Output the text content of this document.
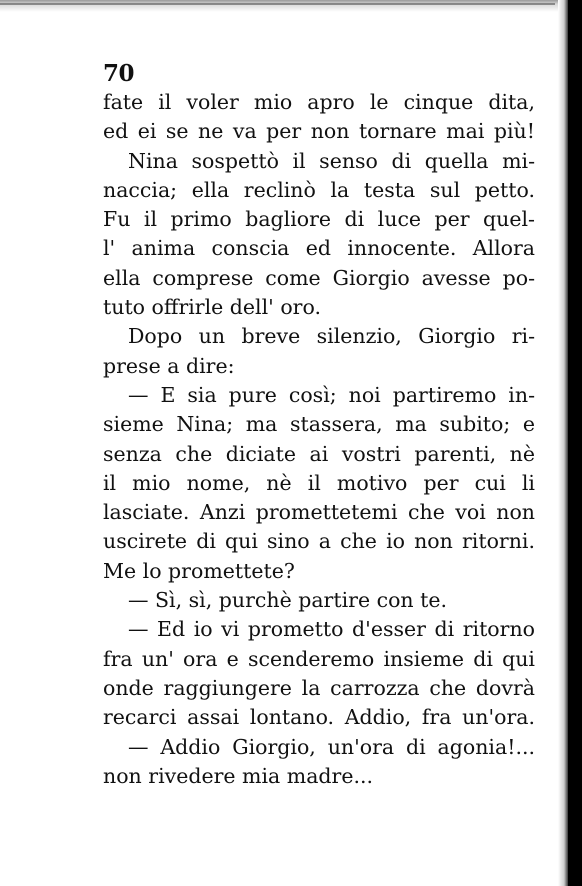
70
fate il voler mio apro le cinque dita,
ed ei se ne va per non tornare mai più!
Nina sospettò il senso di quella mi-
naccia; ella reclinò la testa sul petto.
Fu il primo bagliore di luce per quel-
l' anima conscia ed innocente. Allora
ella comprese come Giorgio avesse po-
tuto offrirle dell' oro.
Dopo un breve silenzio, Giorgio ri-
prese a dire:
— E sia pure così; noi partiremo in-
sieme Nina; ma stassera, ma subito; e
senza che diciate ai vostri parenti, nè
il mio nome, nè il motivo per cui li
lasciate. Anzi promettetemi che voi non
uscirete di qui sino a che io non ritorni.
Me lo promettete?
— Sì, sì, purchè partire con te.
— Ed io vi prometto d'esser di ritorno
fra un' ora e scenderemo insieme di qui
onde raggiungere la carrozza che dovrà
recarci assai lontano. Addio, fra un'ora.
— Addio Giorgio, un'ora di agonia!...
non rivedere mia madre...
